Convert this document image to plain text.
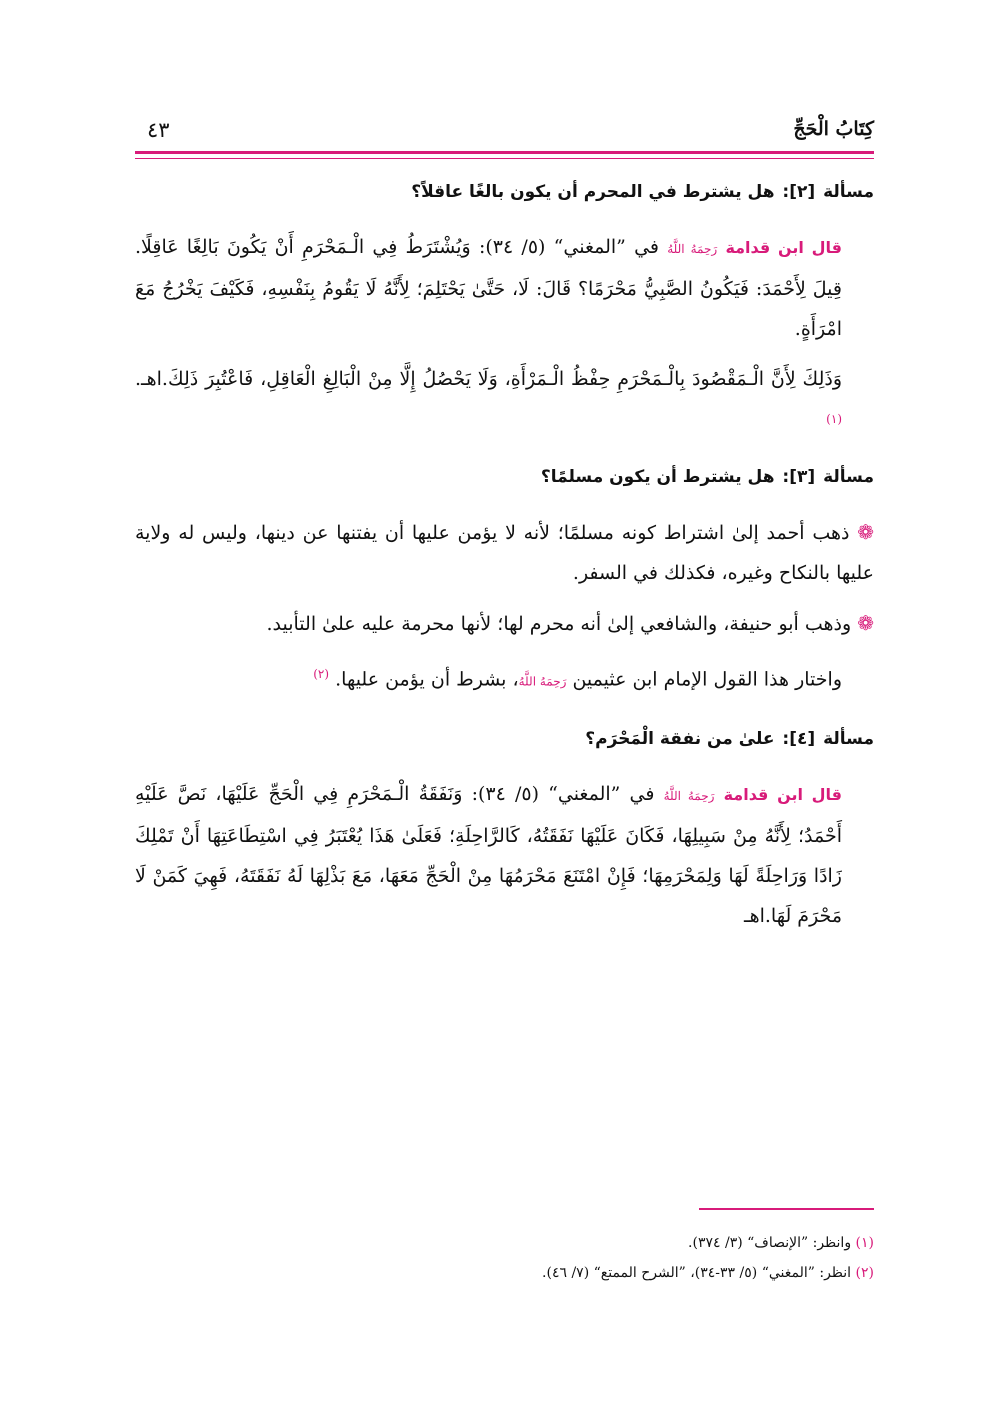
كِتَابُ الْحَجِّ
٤٣

مسألة [٢]: هل يشترط في المحرم أن يكون بالغًا عاقلاً؟

قال ابن قدامة رَحِمَهُ اللَّهُ في ”المغني“ (٥/ ٣٤): وَيُشْتَرَطُ فِي الْـمَحْرَمِ أَنْ يَكُونَ بَالِغًا عَاقِلًا. قِيلَ لِأَحْمَدَ: فَيَكُونُ الصَّبِيُّ مَحْرَمًا؟ قَالَ: لَا، حَتَّىٰ يَحْتَلِمَ؛ لِأَنَّهُ لَا يَقُومُ بِنَفْسِهِ، فَكَيْفَ يَخْرُجُ مَعَ امْرَأَةٍ.

وَذَلِكَ لِأَنَّ الْـمَقْصُودَ بِالْـمَحْرَمِ حِفْظُ الْـمَرْأَةِ، وَلَا يَحْصُلُ إِلَّا مِنْ الْبَالِغِ الْعَاقِلِ، فَاعْتُبِرَ ذَلِكَ.اهـ. $^{(١)}$

مسألة [٣]: هل يشترط أن يكون مسلمًا؟

❁ ذهب أحمد إلىٰ اشتراط كونه مسلمًا؛ لأنه لا يؤمن عليها أن يفتنها عن دينها، وليس له ولاية عليها بالنكاح وغيره، فكذلك في السفر.

❁ وذهب أبو حنيفة، والشافعي إلىٰ أنه محرم لها؛ لأنها محرمة عليه علىٰ التأبيد.

واختار هذا القول الإمام ابن عثيمين رَحِمَهُ اللَّهُ، بشرط أن يؤمن عليها. $^{(٢)}$

مسألة [٤]: علىٰ من نفقة الْمَحْرَم؟

قال ابن قدامة رَحِمَهُ اللَّهُ في ”المغني“ (٥/ ٣٤): وَنَفَقَةُ الْـمَحْرَمِ فِي الْحَجِّ عَلَيْهَا، نَصَّ عَلَيْهِ أَحْمَدُ؛ لِأَنَّهُ مِنْ سَبِيلِهَا، فَكَانَ عَلَيْهَا نَفَقَتُهُ، كَالرَّاحِلَةِ؛ فَعَلَىٰ هَذَا يُعْتَبَرُ فِي اسْتِطَاعَتِهَا أَنْ تَمْلِكَ زَادًا وَرَاحِلَةً لَهَا وَلِمَحْرَمِهَا؛ فَإِنْ امْتَنَعَ مَحْرَمُهَا مِنْ الْحَجِّ مَعَهَا، مَعَ بَذْلِهَا لَهُ نَفَقَتَهُ، فَهِيَ كَمَنْ لَا مَحْرَمَ لَهَا.اهـ

(١) وانظر: ”الإنصاف“ (٣/ ٣٧٤).
(٢) انظر: ”المغني“ (٥/ ٣٣-٣٤)، ”الشرح الممتع“ (٧/ ٤٦).
